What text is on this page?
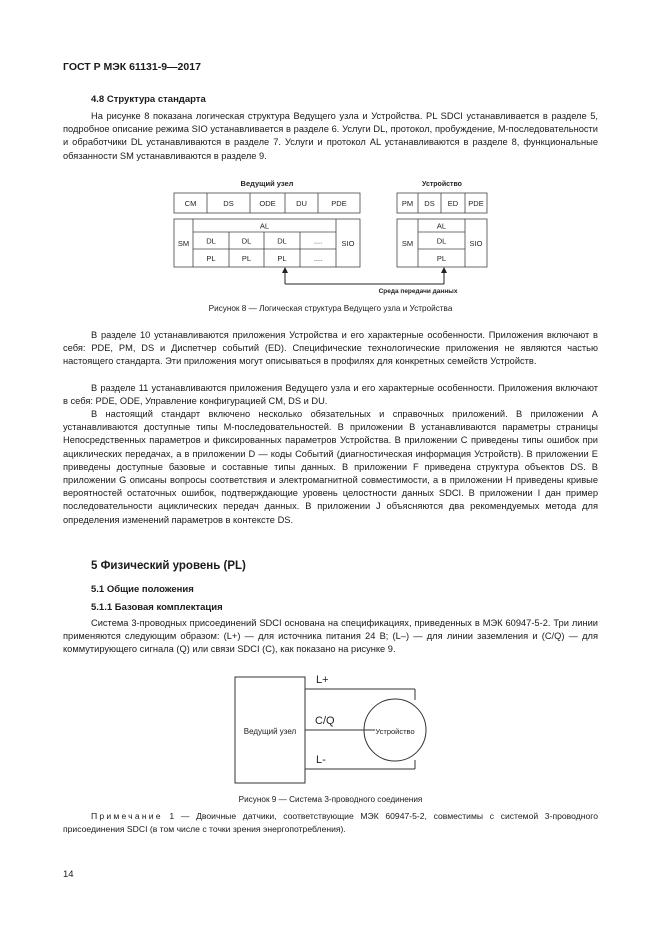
ГОСТ Р МЭК 61131-9—2017
4.8 Структура стандарта
На рисунке 8 показана логическая структура Ведущего узла и Устройства. PL SDCI устанавливается в разделе 5, подробное описание режима SIO устанавливается в разделе 6. Услуги DL, протокол, пробуждение, M-последовательности и обработчики DL устанавливаются в разделе 7. Услуги и протокол AL устанавливаются в разделе 8, функциональные обязанности SM устанавливаются в разделе 9.
Ведущий узел	Устройство
CM	DS	ODE	DU	PDE
AL
SM	SIO
DL	DL	DL	....
PL	PL	PL	....
PM DS ED PDE
AL
SM	SIO
DL
PL
Среда передачи данных
Рисунок 8 — Логическая структура Ведущего узла и Устройства
В разделе 10 устанавливаются приложения Устройства и его характерные особенности. Приложения включают в себя: PDE, PM, DS и Диспетчер событий (ED). Специфические технологические приложения не являются частью настоящего стандарта. Эти приложения могут описываться в профилях для конкретных семейств Устройств.
В разделе 11 устанавливаются приложения Ведущего узла и его характерные особенности. Приложения включают в себя: PDE, ODE, Управление конфигурацией CM, DS и DU.
В настоящий стандарт включено несколько обязательных и справочных приложений. В приложении A устанавливаются доступные типы M-последовательностей. В приложении B устанавливаются параметры страницы Непосредственных параметров и фиксированных параметров Устройства. В приложении C приведены типы ошибок при ациклических передачах, а в приложении D — коды Событий (диагностическая информация Устройств). В приложении E приведены доступные базовые и составные типы данных. В приложении F приведена структура объектов DS. В приложении G описаны вопросы соответствия и электромагнитной совместимости, а в приложении H приведены кривые вероятностей остаточных ошибок, подтверждающие уровень целостности данных SDCI. В приложении I дан пример последовательности ациклических передач данных. В приложении J объясняются два рекомендуемых метода для определения изменений параметров в контексте DS.
5 Физический уровень (PL)
5.1 Общие положения
5.1.1 Базовая комплектация
Система 3-проводных присоединений SDCI основана на спецификациях, приведенных в МЭК 60947-5-2. Три линии применяются следующим образом: (L+) — для источника питания 24 В; (L–) — для линии заземления и (C/Q) — для коммутирующего сигнала (Q) или связи SDCI (C), как показано на рисунке 9.
Ведущий узел	Устройство
L+
C/Q
L-
Рисунок 9 — Система 3-проводного соединения
Примечание 1 — Двоичные датчики, соответствующие МЭК 60947-5-2, совместимы с системой 3-проводного присоединения SDCI (в том числе с точки зрения энергопотребления).
14
